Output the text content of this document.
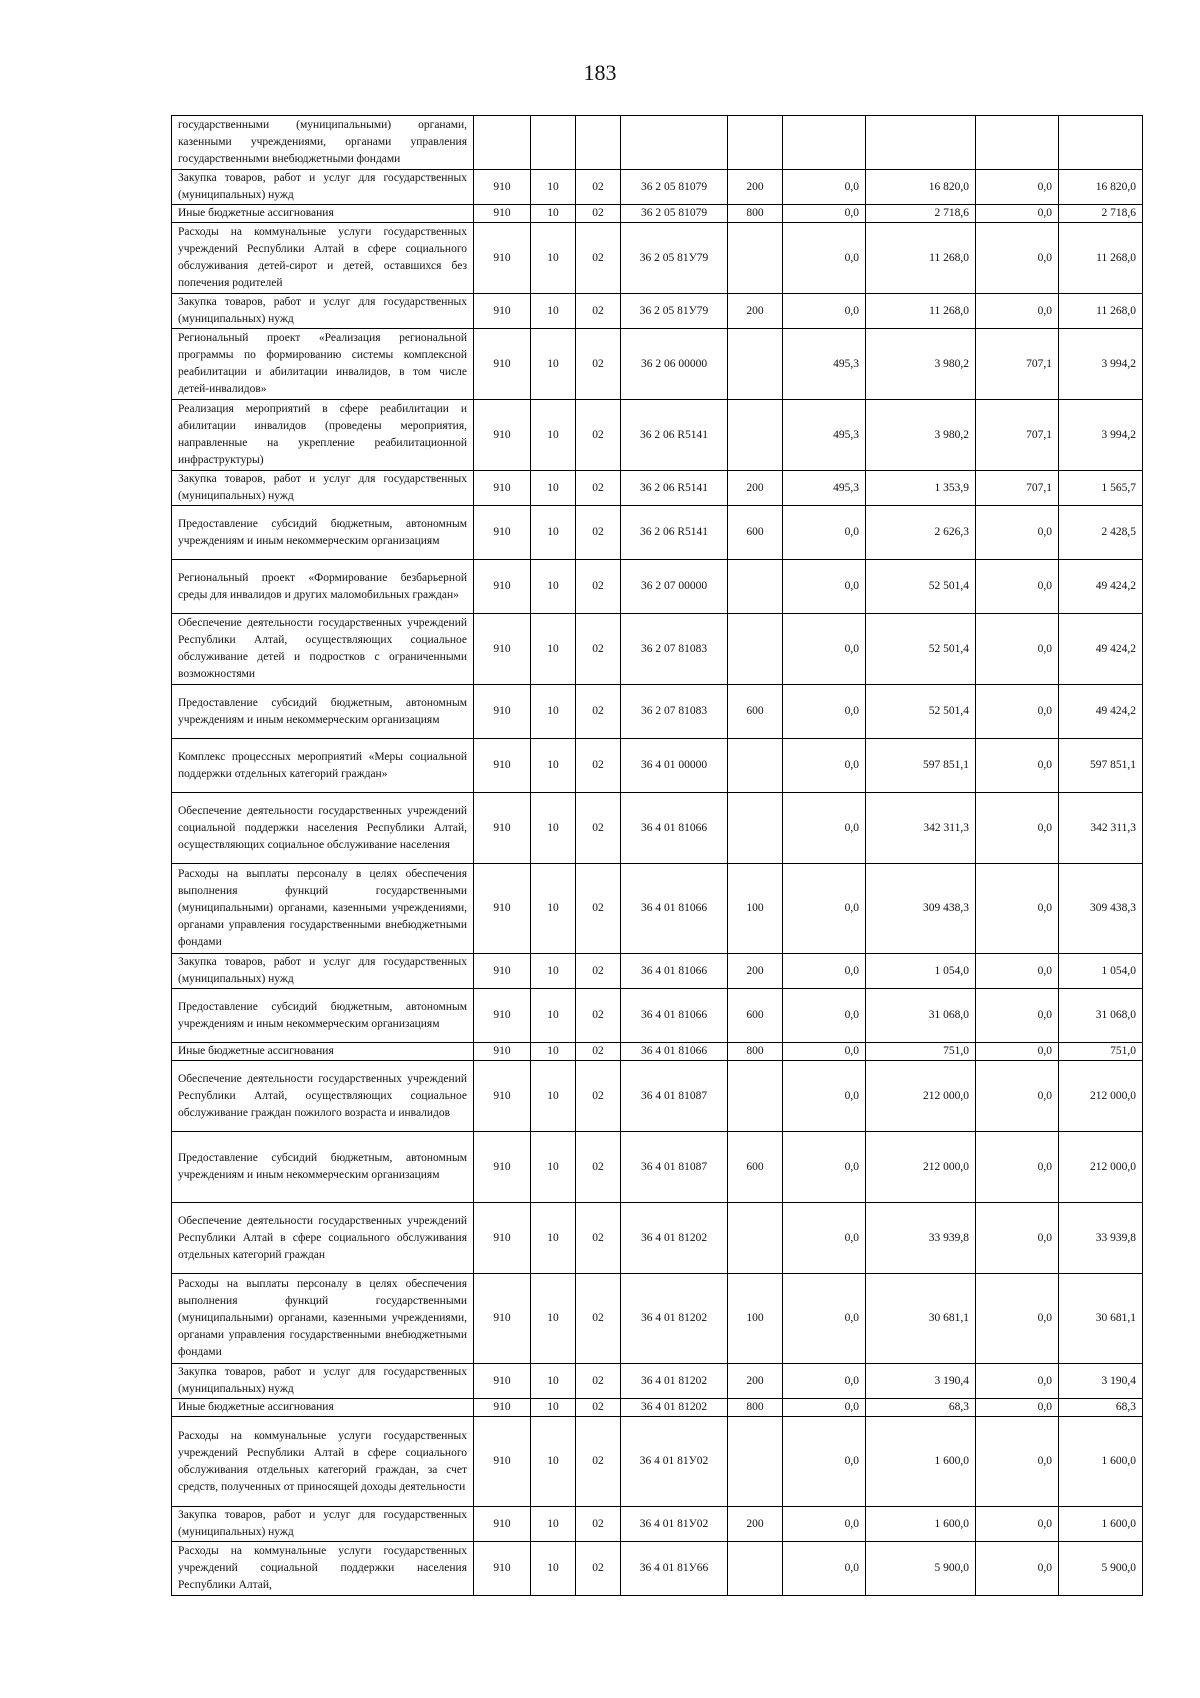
183
государственными (муниципальными) органами, казенными учреждениями, органами управления государственными внебюджетными фондами									
Закупка товаров, работ и услуг для государственных (муниципальных) нужд	910	10	02	36 2 05 81079	200	0,0	16 820,0	0,0	16 820,0
Иные бюджетные ассигнования	910	10	02	36 2 05 81079	800	0,0	2 718,6	0,0	2 718,6
Расходы на коммунальные услуги государственных учреждений Республики Алтай в сфере социального обслуживания детей-сирот и детей, оставшихся без попечения родителей	910	10	02	36 2 05 81У79		0,0	11 268,0	0,0	11 268,0
Закупка товаров, работ и услуг для государственных (муниципальных) нужд	910	10	02	36 2 05 81У79	200	0,0	11 268,0	0,0	11 268,0
Региональный проект «Реализация региональной программы по формированию системы комплексной реабилитации и абилитации инвалидов, в том числе детей-инвалидов»	910	10	02	36 2 06 00000		495,3	3 980,2	707,1	3 994,2
Реализация мероприятий в сфере реабилитации и абилитации инвалидов (проведены мероприятия, направленные на укрепление реабилитационной инфраструктуры)	910	10	02	36 2 06 R5141		495,3	3 980,2	707,1	3 994,2
Закупка товаров, работ и услуг для государственных (муниципальных) нужд	910	10	02	36 2 06 R5141	200	495,3	1 353,9	707,1	1 565,7
Предоставление субсидий бюджетным, автономным учреждениям и иным некоммерческим организациям	910	10	02	36 2 06 R5141	600	0,0	2 626,3	0,0	2 428,5
Региональный проект «Формирование безбарьерной среды для инвалидов и других маломобильных граждан»	910	10	02	36 2 07 00000		0,0	52 501,4	0,0	49 424,2
Обеспечение деятельности государственных учреждений Республики Алтай, осуществляющих социальное обслуживание детей и подростков с ограниченными возможностями	910	10	02	36 2 07 81083		0,0	52 501,4	0,0	49 424,2
Предоставление субсидий бюджетным, автономным учреждениям и иным некоммерческим организациям	910	10	02	36 2 07 81083	600	0,0	52 501,4	0,0	49 424,2
Комплекс процессных мероприятий «Меры социальной поддержки отдельных категорий граждан»	910	10	02	36 4 01 00000		0,0	597 851,1	0,0	597 851,1
Обеспечение деятельности государственных учреждений социальной поддержки населения Республики Алтай, осуществляющих социальное обслуживание населения	910	10	02	36 4 01 81066		0,0	342 311,3	0,0	342 311,3
Расходы на выплаты персоналу в целях обеспечения выполнения функций государственными (муниципальными) органами, казенными учреждениями, органами управления государственными внебюджетными фондами	910	10	02	36 4 01 81066	100	0,0	309 438,3	0,0	309 438,3
Закупка товаров, работ и услуг для государственных (муниципальных) нужд	910	10	02	36 4 01 81066	200	0,0	1 054,0	0,0	1 054,0
Предоставление субсидий бюджетным, автономным учреждениям и иным некоммерческим организациям	910	10	02	36 4 01 81066	600	0,0	31 068,0	0,0	31 068,0
Иные бюджетные ассигнования	910	10	02	36 4 01 81066	800	0,0	751,0	0,0	751,0
Обеспечение деятельности государственных учреждений Республики Алтай, осуществляющих социальное обслуживание граждан пожилого возраста и инвалидов	910	10	02	36 4 01 81087		0,0	212 000,0	0,0	212 000,0
Предоставление субсидий бюджетным, автономным учреждениям и иным некоммерческим организациям	910	10	02	36 4 01 81087	600	0,0	212 000,0	0,0	212 000,0
Обеспечение деятельности государственных учреждений Республики Алтай в сфере социального обслуживания отдельных категорий граждан	910	10	02	36 4 01 81202		0,0	33 939,8	0,0	33 939,8
Расходы на выплаты персоналу в целях обеспечения выполнения функций государственными (муниципальными) органами, казенными учреждениями, органами управления государственными внебюджетными фондами	910	10	02	36 4 01 81202	100	0,0	30 681,1	0,0	30 681,1
Закупка товаров, работ и услуг для государственных (муниципальных) нужд	910	10	02	36 4 01 81202	200	0,0	3 190,4	0,0	3 190,4
Иные бюджетные ассигнования	910	10	02	36 4 01 81202	800	0,0	68,3	0,0	68,3
Расходы на коммунальные услуги государственных учреждений Республики Алтай в сфере социального обслуживания отдельных категорий граждан, за счет средств, полученных от приносящей доходы деятельности	910	10	02	36 4 01 81У02		0,0	1 600,0	0,0	1 600,0
Закупка товаров, работ и услуг для государственных (муниципальных) нужд	910	10	02	36 4 01 81У02	200	0,0	1 600,0	0,0	1 600,0
Расходы на коммунальные услуги государственных учреждений социальной поддержки населения Республики Алтай,	910	10	02	36 4 01 81У66		0,0	5 900,0	0,0	5 900,0
